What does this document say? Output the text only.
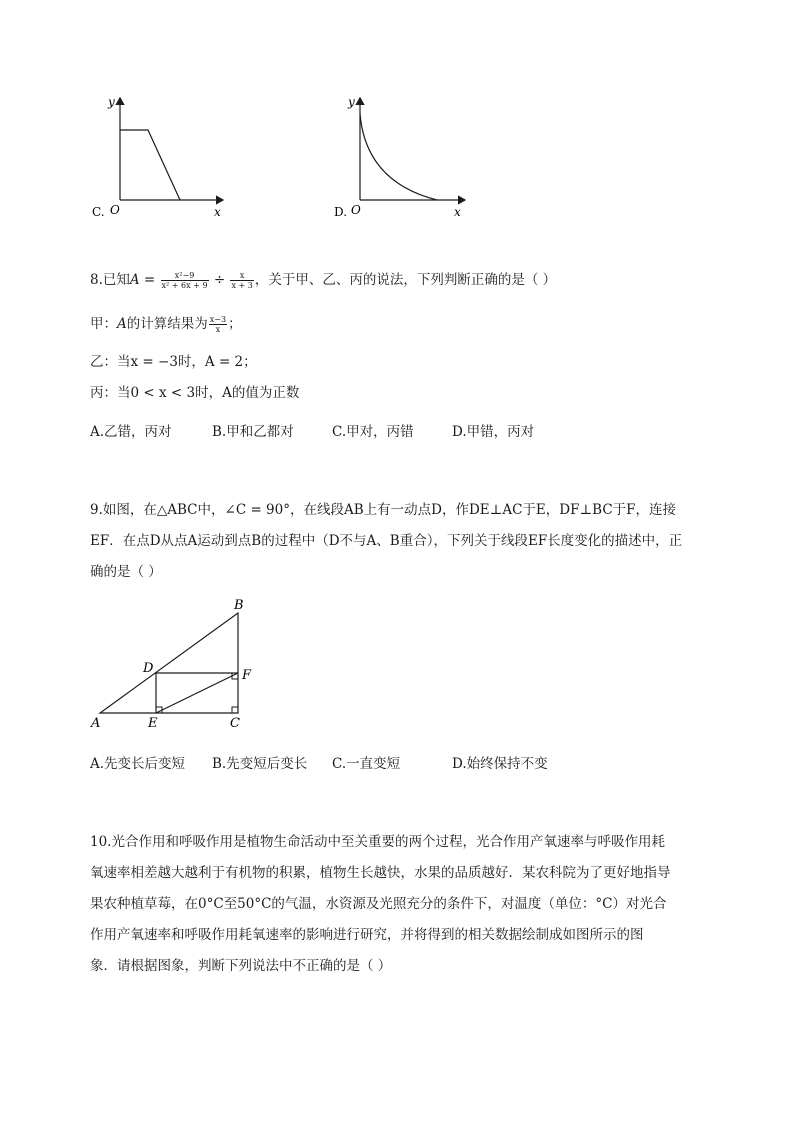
y
x
O
C.
y
x
O
D.
8.已知$A = \frac{\text{x²−9}}{\text{x² + 6x + 9}} \div \frac{x}{x + 3}$ ，关于甲、乙、丙的说法，下列判断正确的是（ ）
甲：A的计算结果为 $\frac{x-3}{x}$ ；
乙：当x = −3时，A = 2；
丙：当0 < x < 3时，A的值为正数
A.乙错，丙对	B.甲和乙都对	C.甲对，丙错	D.甲错，丙对
9.如图，在△ABC中，∠C = 90°，在线段AB上有一动点D，作DE⊥AC于E，DF⊥BC于F，连接
EF．在点D从点A运动到点B的过程中（D不与A、B重合），下列关于线段EF长度变化的描述中，正
确的是（ ）
A
B
C
D
E
F
A.先变长后变短 B.先变短后变长 C.一直变短	D.始终保持不变
10.光合作用和呼吸作用是植物生命活动中至关重要的两个过程，光合作用产氧速率与呼吸作用耗
氧速率相差越大越利于有机物的积累，植物生长越快，水果的品质越好．某农科院为了更好地指导
果农种植草莓，在0°C至50°C的气温，水资源及光照充分的条件下，对温度（单位：°C）对光合
作用产氧速率和呼吸作用耗氧速率的影响进行研究，并将得到的相关数据绘制成如图所示的图
象．请根据图象，判断下列说法中不正确的是（ ）
